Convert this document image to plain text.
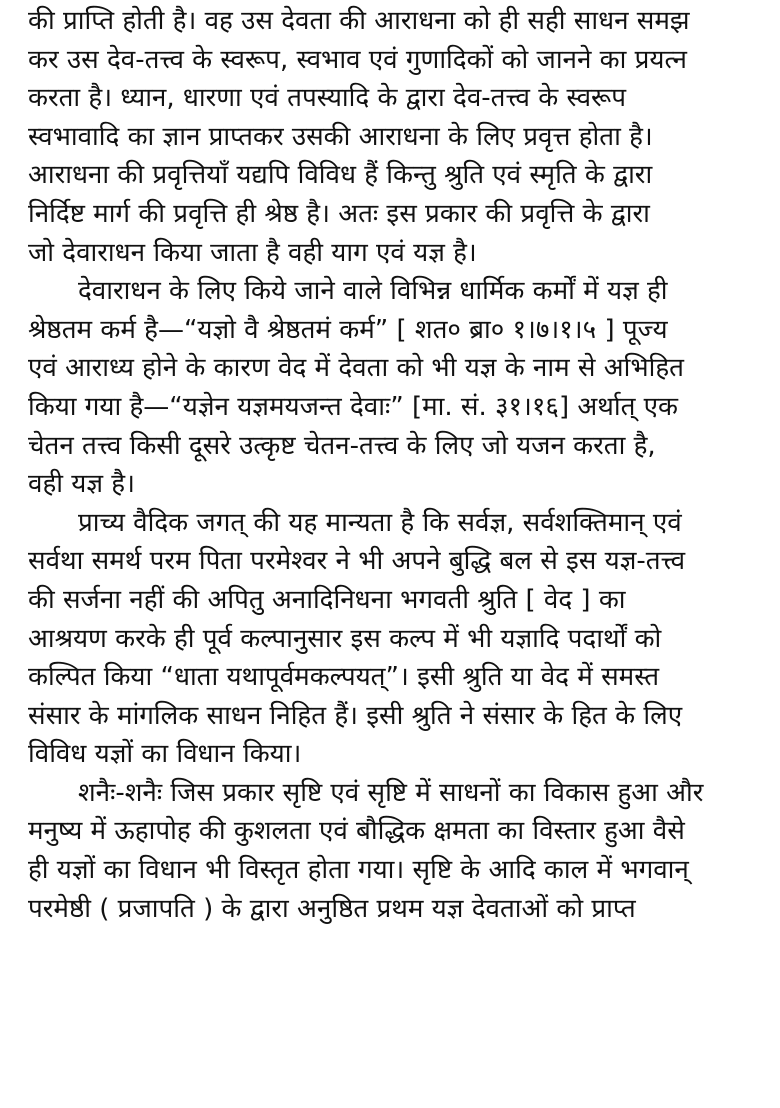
की प्राप्ति होती है। वह उस देवता की आराधना को ही सही साधन समझ
कर उस देव-तत्त्व के स्वरूप, स्वभाव एवं गुणादिकों को जानने का प्रयत्न
करता है। ध्यान, धारणा एवं तपस्यादि के द्वारा देव-तत्त्व के स्वरूप
स्वभावादि का ज्ञान प्राप्तकर उसकी आराधना के लिए प्रवृत्त होता है।
आराधना की प्रवृत्तियाँ यद्यपि विविध हैं किन्तु श्रुति एवं स्मृति के द्वारा
निर्दिष्ट मार्ग की प्रवृत्ति ही श्रेष्ठ है। अतः इस प्रकार की प्रवृत्ति के द्वारा
जो देवाराधन किया जाता है वही याग एवं यज्ञ है।
देवाराधन के लिए किये जाने वाले विभिन्न धार्मिक कर्मों में यज्ञ ही
श्रेष्ठतम कर्म है—“यज्ञो वै श्रेष्ठतमं कर्म” [ शत० ब्रा० १।७।१।५ ] पूज्य
एवं आराध्य होने के कारण वेद में देवता को भी यज्ञ के नाम से अभिहित
किया गया है—“यज्ञेन यज्ञमयजन्त देवाः” [मा. सं. ३१।१६] अर्थात् एक
चेतन तत्त्व किसी दूसरे उत्कृष्ट चेतन-तत्त्व के लिए जो यजन करता है,
वही यज्ञ है।
प्राच्य वैदिक जगत् की यह मान्यता है कि सर्वज्ञ, सर्वशक्तिमान् एवं
सर्वथा समर्थ परम पिता परमेश्वर ने भी अपने बुद्धि बल से इस यज्ञ-तत्त्व
की सर्जना नहीं की अपितु अनादिनिधना भगवती श्रुति [ वेद ] का
आश्रयण करके ही पूर्व कल्पानुसार इस कल्प में भी यज्ञादि पदार्थों को
कल्पित किया “धाता यथापूर्वमकल्पयत्”। इसी श्रुति या वेद में समस्त
संसार के मांगलिक साधन निहित हैं। इसी श्रुति ने संसार के हित के लिए
विविध यज्ञों का विधान किया।
शनैः-शनैः जिस प्रकार सृष्टि एवं सृष्टि में साधनों का विकास हुआ और
मनुष्य में ऊहापोह की कुशलता एवं बौद्धिक क्षमता का विस्तार हुआ वैसे
ही यज्ञों का विधान भी विस्तृत होता गया। सृष्टि के आदि काल में भगवान्
परमेष्ठी ( प्रजापति ) के द्वारा अनुष्ठित प्रथम यज्ञ देवताओं को प्राप्त
